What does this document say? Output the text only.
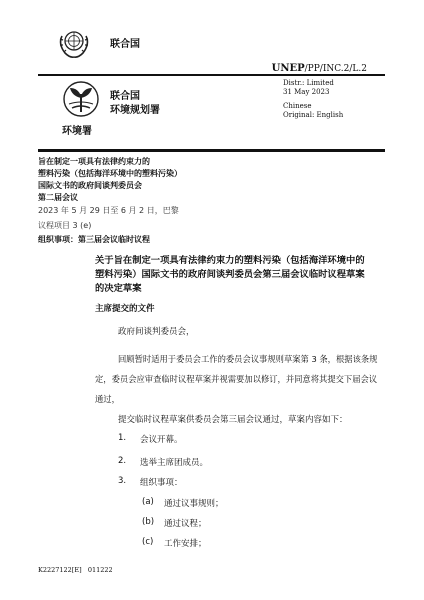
联合国
UNEP/PP/INC.2/L.2
环境署
联合国
环境规划署
Distr.: Limited
31 May 2023
Chinese
Original: English
旨在制定一项具有法律约束力的
塑料污染（包括海洋环境中的塑料污染）
国际文书的政府间谈判委员会
第二届会议
2023 年 5 月 29 日至 6 月 2 日，巴黎
议程项目 3 (e)
组织事项：第三届会议临时议程
关于旨在制定一项具有法律约束力的塑料污染（包括海洋环境中的
塑料污染）国际文书的政府间谈判委员会第三届会议临时议程草案
的决定草案
主席提交的文件
政府间谈判委员会，
回顾暂时适用于委员会工作的委员会议事规则草案第 3 条，根据该条规
定，委员会应审查临时议程草案并视需要加以修订，并同意将其提交下届会议
通过，
提交临时议程草案供委员会第三届会议通过，草案内容如下：
1. 会议开幕。
2. 选举主席团成员。
3. 组织事项：
(a) 通过议事规则；
(b) 通过议程；
(c) 工作安排；
K2227122[E]   011222
